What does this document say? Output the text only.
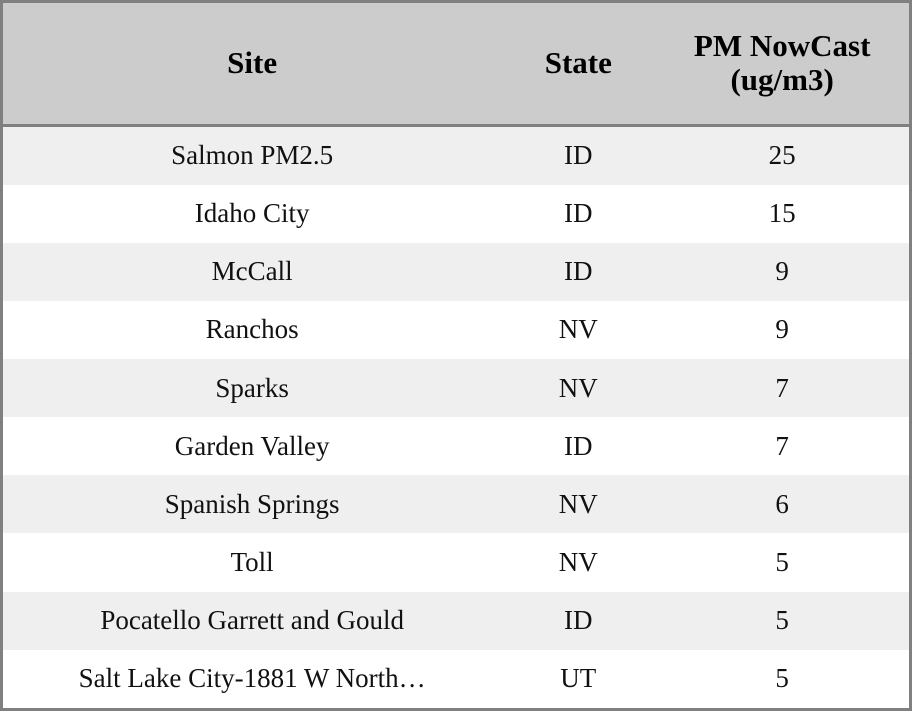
Site	State	PM NowCast (ug/m3)
Salmon PM2.5	ID	25
Idaho City	ID	15
McCall	ID	9
Ranchos	NV	9
Sparks	NV	7
Garden Valley	ID	7
Spanish Springs	NV	6
Toll	NV	5
Pocatello Garrett and Gould	ID	5
Salt Lake City-1881 W North…	UT	5
